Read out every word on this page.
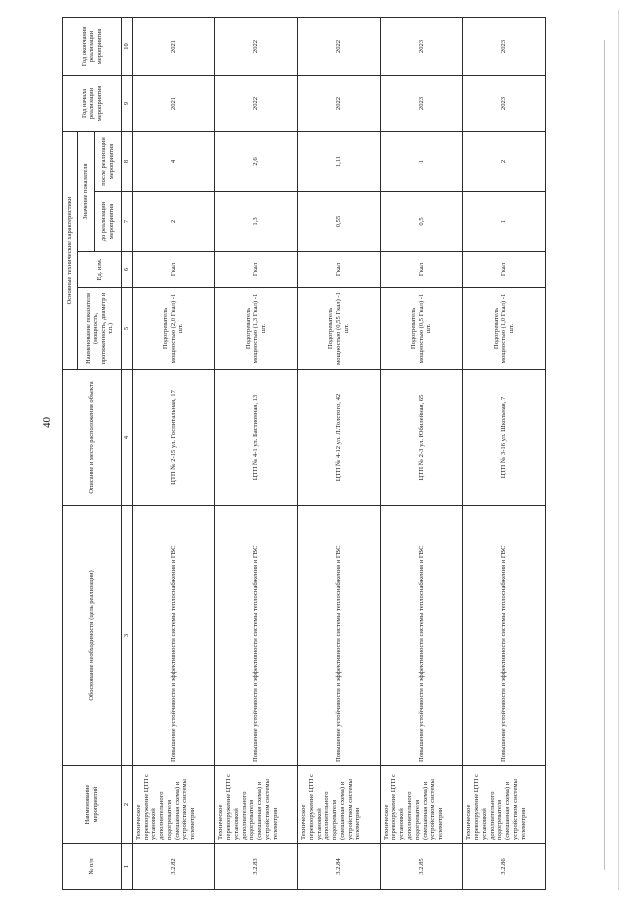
40
№ п/п	Наименование мероприятий	Обоснование необходимости (цель реализации)	Описание и место расположения объекта	Основные технические характеристики				Год начала реализации мероприятия	Год окончания реализации мероприятия
				Наименование показателя (мощность, протяженность, диаметр и т.п.)	Ед. изм.	Значение показателя			
						до реализации мероприятия	после реализации мероприятия		
1	2	3	4	5	6	7	8	9	10
3.2.82	Техническое перевооружение ЦТП с установкой дополнительного подогревателя (смешанная схема) и устройством системы телеметрии	Повышение устойчивости и эффективности системы теплоснабжения и ГВС	ЦТП № 2-15 ул. Госпитальная, 17	Подогреватель мощностью (2,0 Гкал) -1 шт.	Гкал	2	4	2021	2021
3.2.83	Техническое перевооружение ЦТП с установкой дополнительного подогревателя (смешанная схема) и устройством системы телеметрии	Повышение устойчивости и эффективности системы теплоснабжения и ГВС	ЦТП № 4-1 ул. Бастионная, 13	Подогреватель мощностью (1,3 Гкал) -1 шт.	Гкал	1,3	2,6	2022	2022
3.2.84	Техническое перевооружение ЦТП с установкой дополнительного подогревателя (смешанная схема) и устройством системы телеметрии	Повышение устойчивости и эффективности системы теплоснабжения и ГВС	ЦТП № 4-12 ул. Л.Толстого, 42	Подогреватель мощностью (0,55 Гкал) -1 шт.	Гкал	0,55	1,11	2022	2022
3.2.85	Техническое перевооружение ЦТП с установкой дополнительного подогревателя (смешанная схема) и устройством системы телеметрии	Повышение устойчивости и эффективности системы теплоснабжения и ГВС	ЦТП № 2-3 ул. Юбилейная, 65	Подогреватель мощностью (0,5 Гкал) -1 шт.	Гкал	0,5	1	2023	2023
3.2.86	Техническое перевооружение ЦТП с установкой дополнительного подогревателя (смешанная схема) и устройством системы телеметрии	Повышение устойчивости и эффективности системы теплоснабжения и ГВС	ЦТП № 3-16 ул. Школьная, 7	Подогреватель мощностью (1,0 Гкал) -1 шт.	Гкал	1	2	2023	2023
